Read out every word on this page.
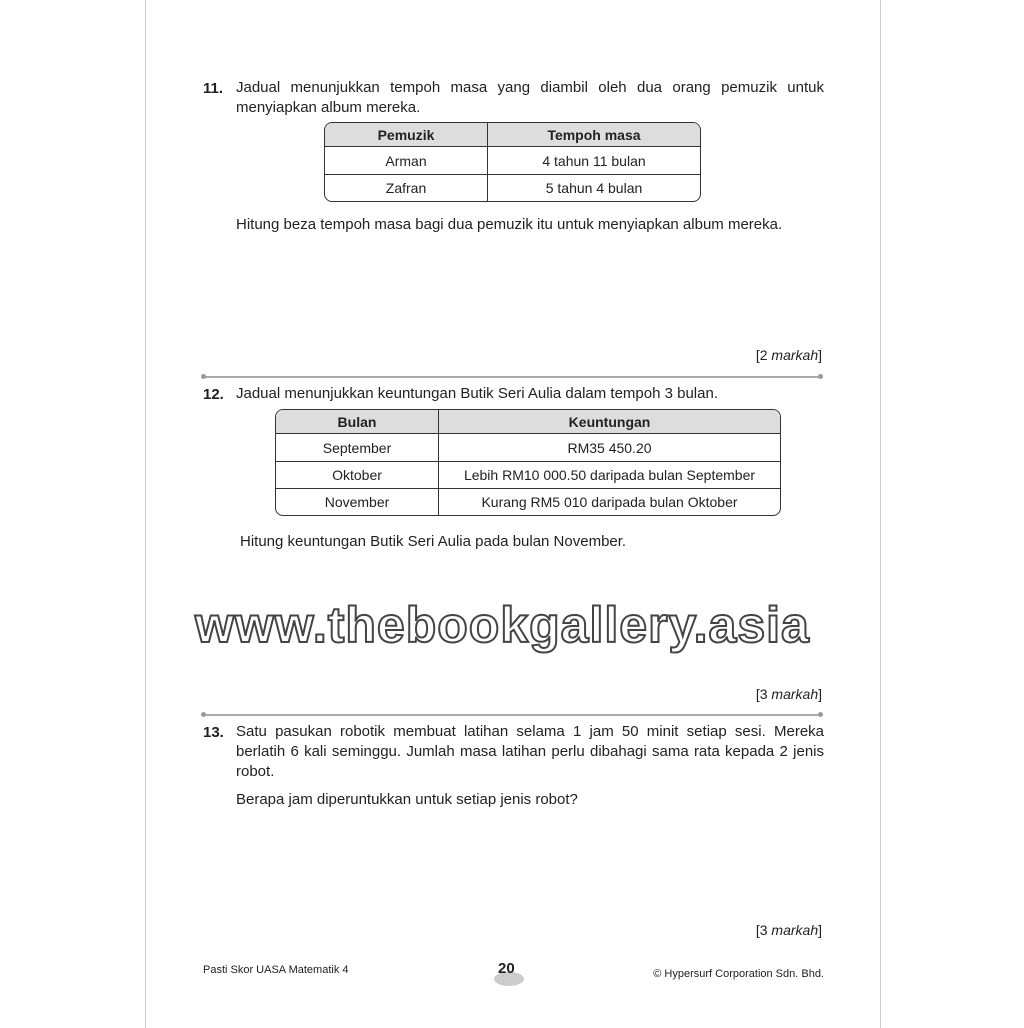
11. Jadual menunjukkan tempoh masa yang diambil oleh dua orang pemuzik untuk menyiapkan album mereka.
Pemuzik	Tempoh masa
Arman	4 tahun 11 bulan
Zafran	5 tahun 4 bulan
Hitung beza tempoh masa bagi dua pemuzik itu untuk menyiapkan album mereka.
[2 markah]
12. Jadual menunjukkan keuntungan Butik Seri Aulia dalam tempoh 3 bulan.
Bulan	Keuntungan
September	RM35 450.20
Oktober	Lebih RM10 000.50 daripada bulan September
November	Kurang RM5 010 daripada bulan Oktober
Hitung keuntungan Butik Seri Aulia pada bulan November.
www.thebookgallery.asia
[3 markah]
13. Satu pasukan robotik membuat latihan selama 1 jam 50 minit setiap sesi. Mereka berlatih 6 kali seminggu. Jumlah masa latihan perlu dibahagi sama rata kepada 2 jenis robot.
Berapa jam diperuntukkan untuk setiap jenis robot?
[3 markah]
Pasti Skor UASA Matematik 4	20	© Hypersurf Corporation Sdn. Bhd.
